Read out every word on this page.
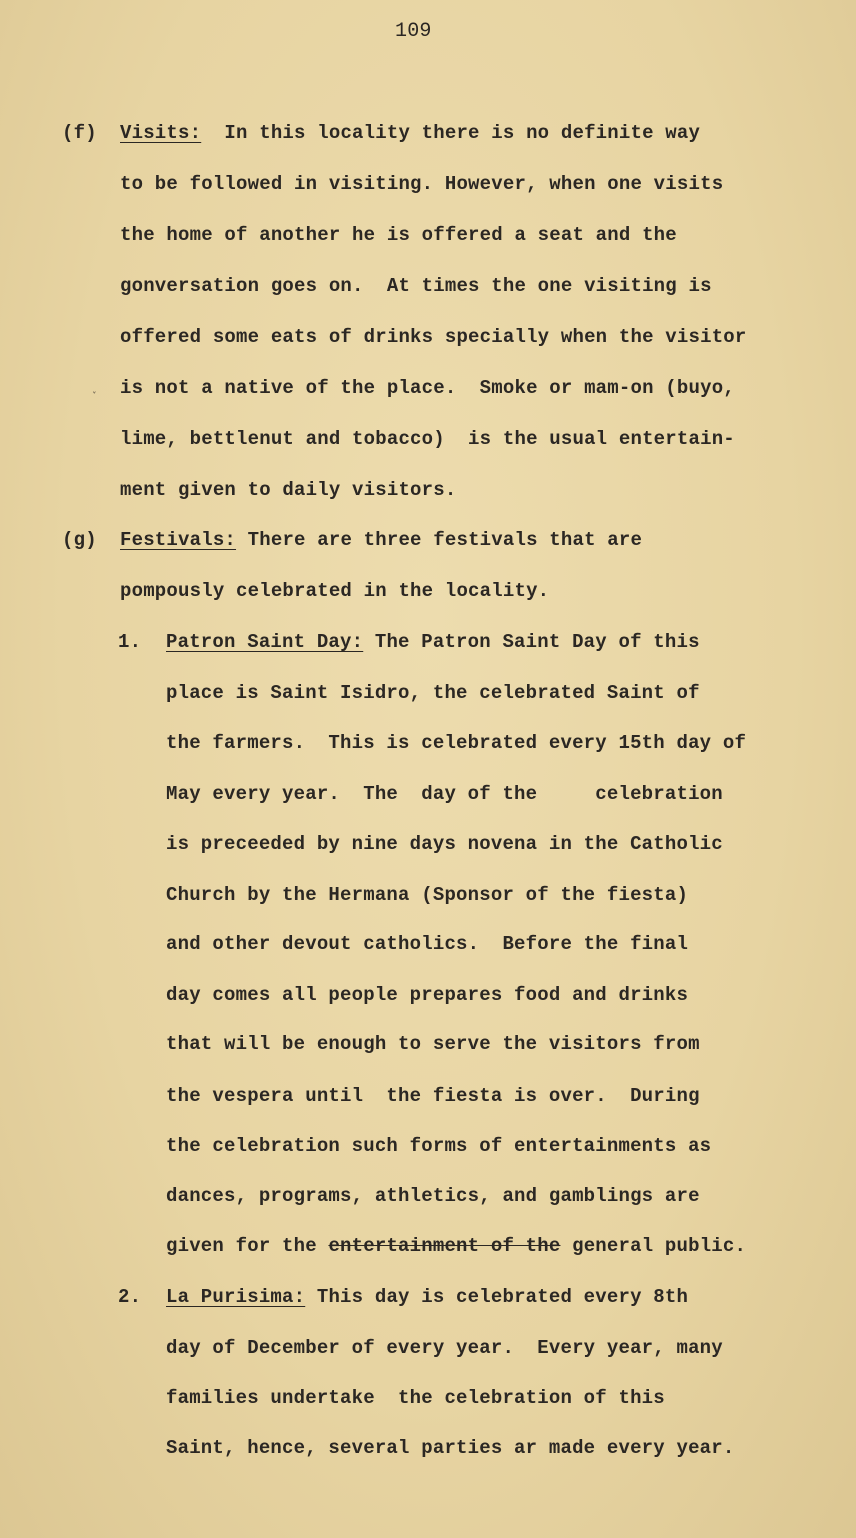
109
(f) Visits:  In this locality there is no definite way
to be followed in visiting. However, when one visits
the home of another he is offered a seat and the
gonversation goes on.  At times the one visiting is
offered some eats of drinks specially when the visitor
˯ is not a native of the place.  Smoke or mam-on (buyo,
lime, bettlenut and tobacco)  is the usual entertain-
ment given to daily visitors.
(g) Festivals: There are three festivals that are
pompously celebrated in the locality.
1. Patron Saint Day: The Patron Saint Day of this
place is Saint Isidro, the celebrated Saint of
the farmers.  This is celebrated every 15th day of
May every year.  The  day of the     celebration
is preceeded by nine days novena in the Catholic
Church by the Hermana (Sponsor of the fiesta)
and other devout catholics.  Before the final
day comes all people prepares food and drinks
that will be enough to serve the visitors from
the vespera until  the fiesta is over.  During
the celebration such forms of entertainments as
dances, programs, athletics, and gamblings are
given for the entertainment of the general public.
2. La Purisima: This day is celebrated every 8th
day of December of every year.  Every year, many
families undertake  the celebration of this
Saint, hence, several parties ar made every year.
